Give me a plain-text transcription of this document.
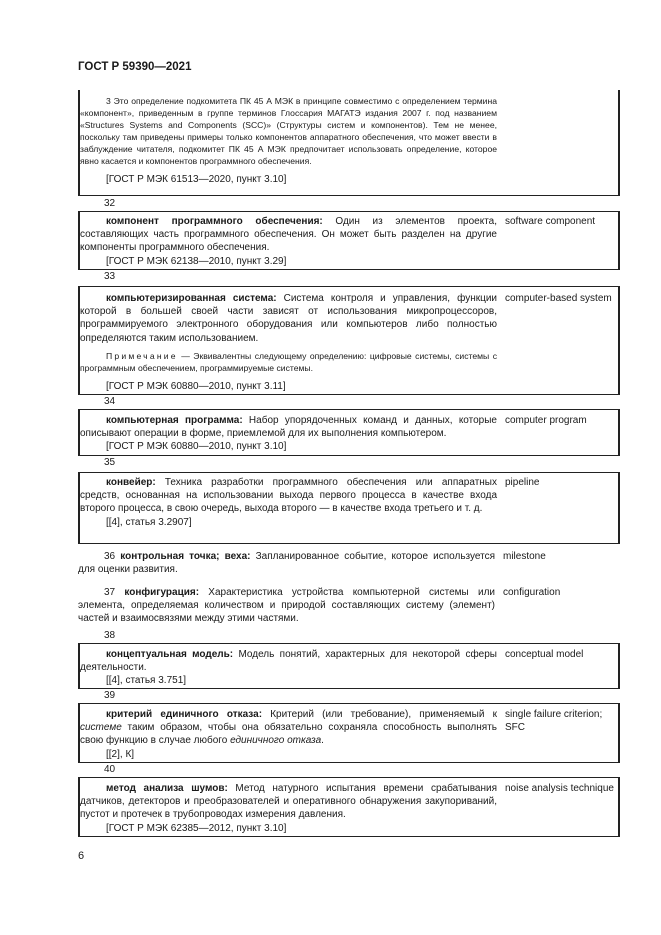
ГОСТ Р 59390—2021

3 Это определение подкомитета ПК 45 А МЭК в принципе совместимо с определением термина «компонент», приведенным в группе терминов Глоссария МАГАТЭ издания 2007 г. под названием «Structures Systems and Components (SCC)» (Структуры систем и компонентов). Тем не менее, поскольку там приведены примеры только компонентов аппаратного обеспечения, что может ввести в заблуждение читателя, подкомитет ПК 45 А МЭК предпочитает использовать определение, которое явно касается и компонентов программного обеспечения.

[ГОСТ Р МЭК 61513—2020, пункт 3.10]

32

компонент программного обеспечения: Один из элементов проекта, составляющих часть программного обеспечения. Он может быть разделен на другие компоненты программного обеспечения.

[ГОСТ Р МЭК 62138—2010, пункт 3.29]

software component
33

компьютеризированная система: Система контроля и управления, функции которой в большей своей части зависят от использования микропроцессоров, программируемого электронного оборудования или компьютеров либо полностью определяются таким использованием.

Примечание — Эквивалентны следующему определению: цифровые системы, системы с программным обеспечением, программируемые системы.

[ГОСТ Р МЭК 60880—2010, пункт 3.11]

computer-based system
34

компьютерная программа: Набор упорядоченных команд и данных, которые описывают операции в форме, приемлемой для их выполнения компьютером.

[ГОСТ Р МЭК 60880—2010, пункт 3.10]

computer program
35

конвейер: Техника разработки программного обеспечения или аппаратных средств, основанная на использовании выхода первого процесса в качестве входа второго процесса, в свою очередь, выхода второго — в качестве входа третьего и т. д.

[[4], статья 3.2907]

pipeline

36 контрольная точка; веха: Запланированное событие, которое используется для оценки развития.

milestone

37 конфигурация: Характеристика устройства компьютерной системы или элемента, определяемая количеством и природой составляющих систему (элемент) частей и взаимосвязями между этими частями.

configuration
38

концептуальная модель: Модель понятий, характерных для некоторой сферы деятельности.

[[4], статья 3.751]

conceptual model
39

критерий единичного отказа: Критерий (или требование), применяемый к системе таким образом, чтобы она обязательно сохраняла способность выполнять свою функцию в случае любого единичного отказа.

[[2], К]

single failure criterion; SFC
40

метод анализа шумов: Метод натурного испытания времени срабатывания датчиков, детекторов и преобразователей и оперативного обнаружения закупориваний, пустот и протечек в трубопроводах измерения давления.

[ГОСТ Р МЭК 62385—2012, пункт 3.10]

noise analysis technique
6
